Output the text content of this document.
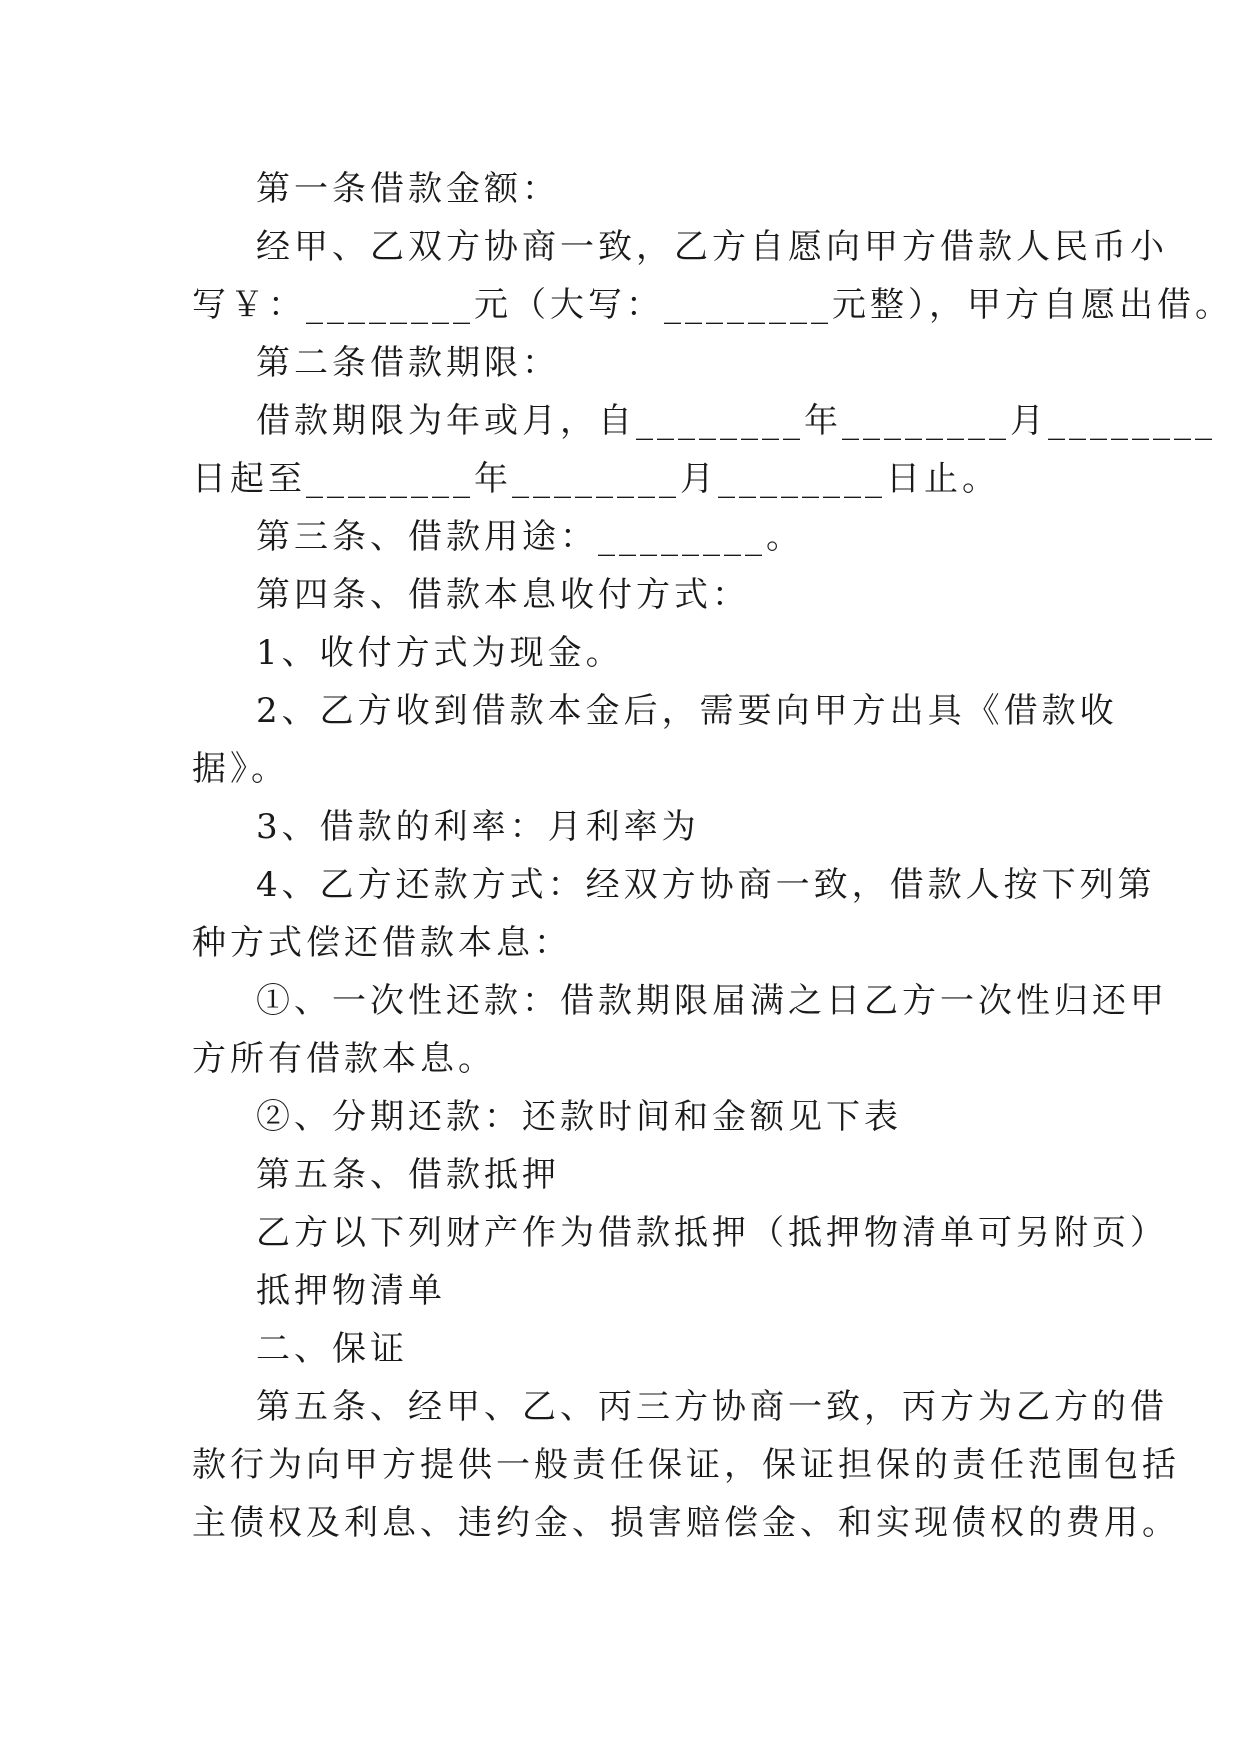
第一条借款金额：

经甲、乙双方协商一致，乙方自愿向甲方借款人民币小

写￥：________元（大写：________元整），甲方自愿出借。

第二条借款期限：

借款期限为年或月，自________年________月________

日起至________年________月________日止。

第三条、借款用途：________。

第四条、借款本息收付方式：

1、收付方式为现金。

2、乙方收到借款本金后，需要向甲方出具《借款收

据》。

3、借款的利率：月利率为

4、乙方还款方式：经双方协商一致，借款人按下列第

种方式偿还借款本息：

①、一次性还款：借款期限届满之日乙方一次性归还甲

方所有借款本息。

②、分期还款：还款时间和金额见下表

第五条、借款抵押

乙方以下列财产作为借款抵押（抵押物清单可另附页）

抵押物清单

二、保证

第五条、经甲、乙、丙三方协商一致，丙方为乙方的借

款行为向甲方提供一般责任保证，保证担保的责任范围包括

主债权及利息、违约金、损害赔偿金、和实现债权的费用。
